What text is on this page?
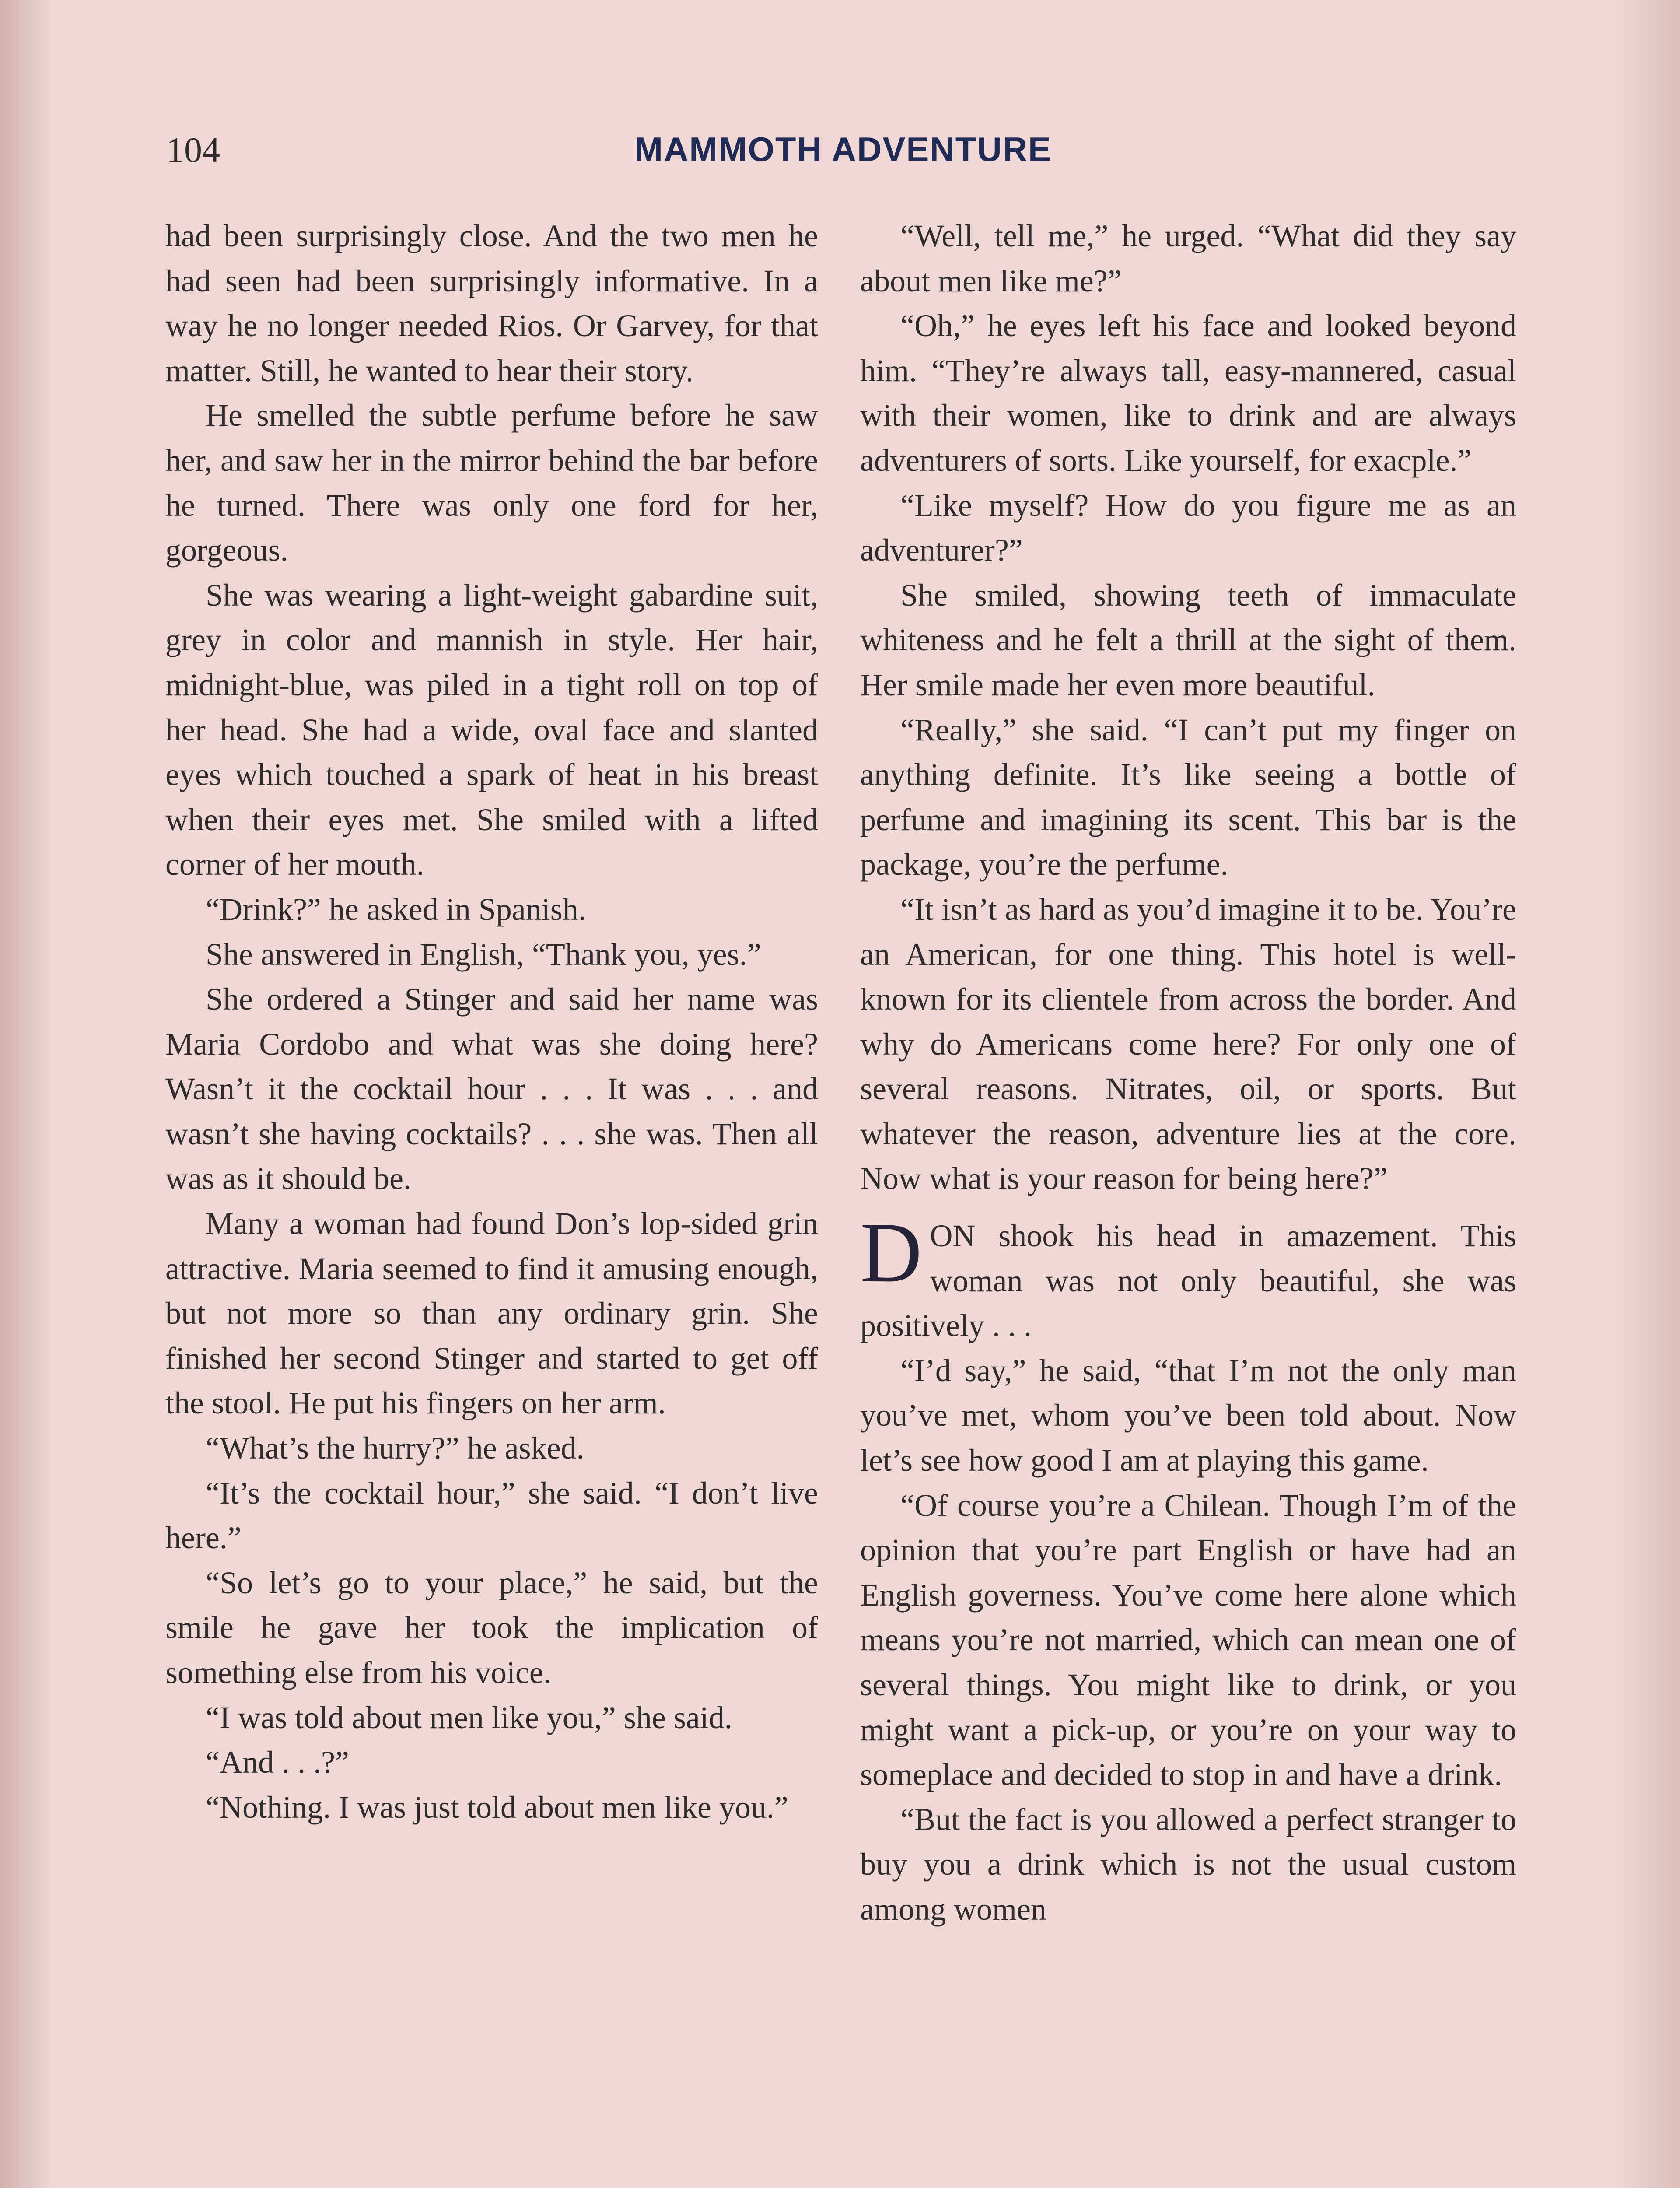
104	MAMMOTH ADVENTURE

had been surprisingly close. And the two men he had seen had been surprisingly informative. In a way he no longer needed Rios. Or Garvey, for that matter. Still, he wanted to hear their story.

He smelled the subtle perfume before he saw her, and saw her in the mirror behind the bar before he turned. There was only one ford for her, gorgeous.

She was wearing a light-weight gabardine suit, grey in color and mannish in style. Her hair, midnight-blue, was piled in a tight roll on top of her head. She had a wide, oval face and slanted eyes which touched a spark of heat in his breast when their eyes met. She smiled with a lifted corner of her mouth.

“Drink?” he asked in Spanish.

She answered in English, “Thank you, yes.”

She ordered a Stinger and said her name was Maria Cordobo and what was she doing here? Wasn’t it the cocktail hour . . . It was . . . and wasn’t she having cocktails? . . . she was. Then all was as it should be.

Many a woman had found Don’s lop-sided grin attractive. Maria seemed to find it amusing enough, but not more so than any ordinary grin. She finished her second Stinger and started to get off the stool. He put his fingers on her arm.

“What’s the hurry?” he asked.

“It’s the cocktail hour,” she said. “I don’t live here.”

“So let’s go to your place,” he said, but the smile he gave her took the implication of something else from his voice.

“I was told about men like you,” she said.

“And . . .?”

“Nothing. I was just told about men like you.”

“Well, tell me,” he urged. “What did they say about men like me?”

“Oh,” he eyes left his face and looked beyond him. “They’re always tall, easy-mannered, casual with their women, like to drink and are always adventurers of sorts. Like yourself, for exacple.”

“Like myself? How do you figure me as an adventurer?”

She smiled, showing teeth of immaculate whiteness and he felt a thrill at the sight of them. Her smile made her even more beautiful.

“Really,” she said. “I can’t put my finger on anything definite. It’s like seeing a bottle of perfume and imagining its scent. This bar is the package, you’re the perfume.

“It isn’t as hard as you’d imagine it to be. You’re an American, for one thing. This hotel is well-known for its clientele from across the border. And why do Americans come here? For only one of several reasons. Nitrates, oil, or sports. But whatever the reason, adventure lies at the core. Now what is your reason for being here?”

DON shook his head in amazement. This woman was not only beautiful, she was positively . . .

“I’d say,” he said, “that I’m not the only man you’ve met, whom you’ve been told about. Now let’s see how good I am at playing this game.

“Of course you’re a Chilean. Though I’m of the opinion that you’re part English or have had an English governess. You’ve come here alone which means you’re not married, which can mean one of several things. You might like to drink, or you might want a pick-up, or you’re on your way to someplace and decided to stop in and have a drink.

“But the fact is you allowed a perfect stranger to buy you a drink which is not the usual custom among women
